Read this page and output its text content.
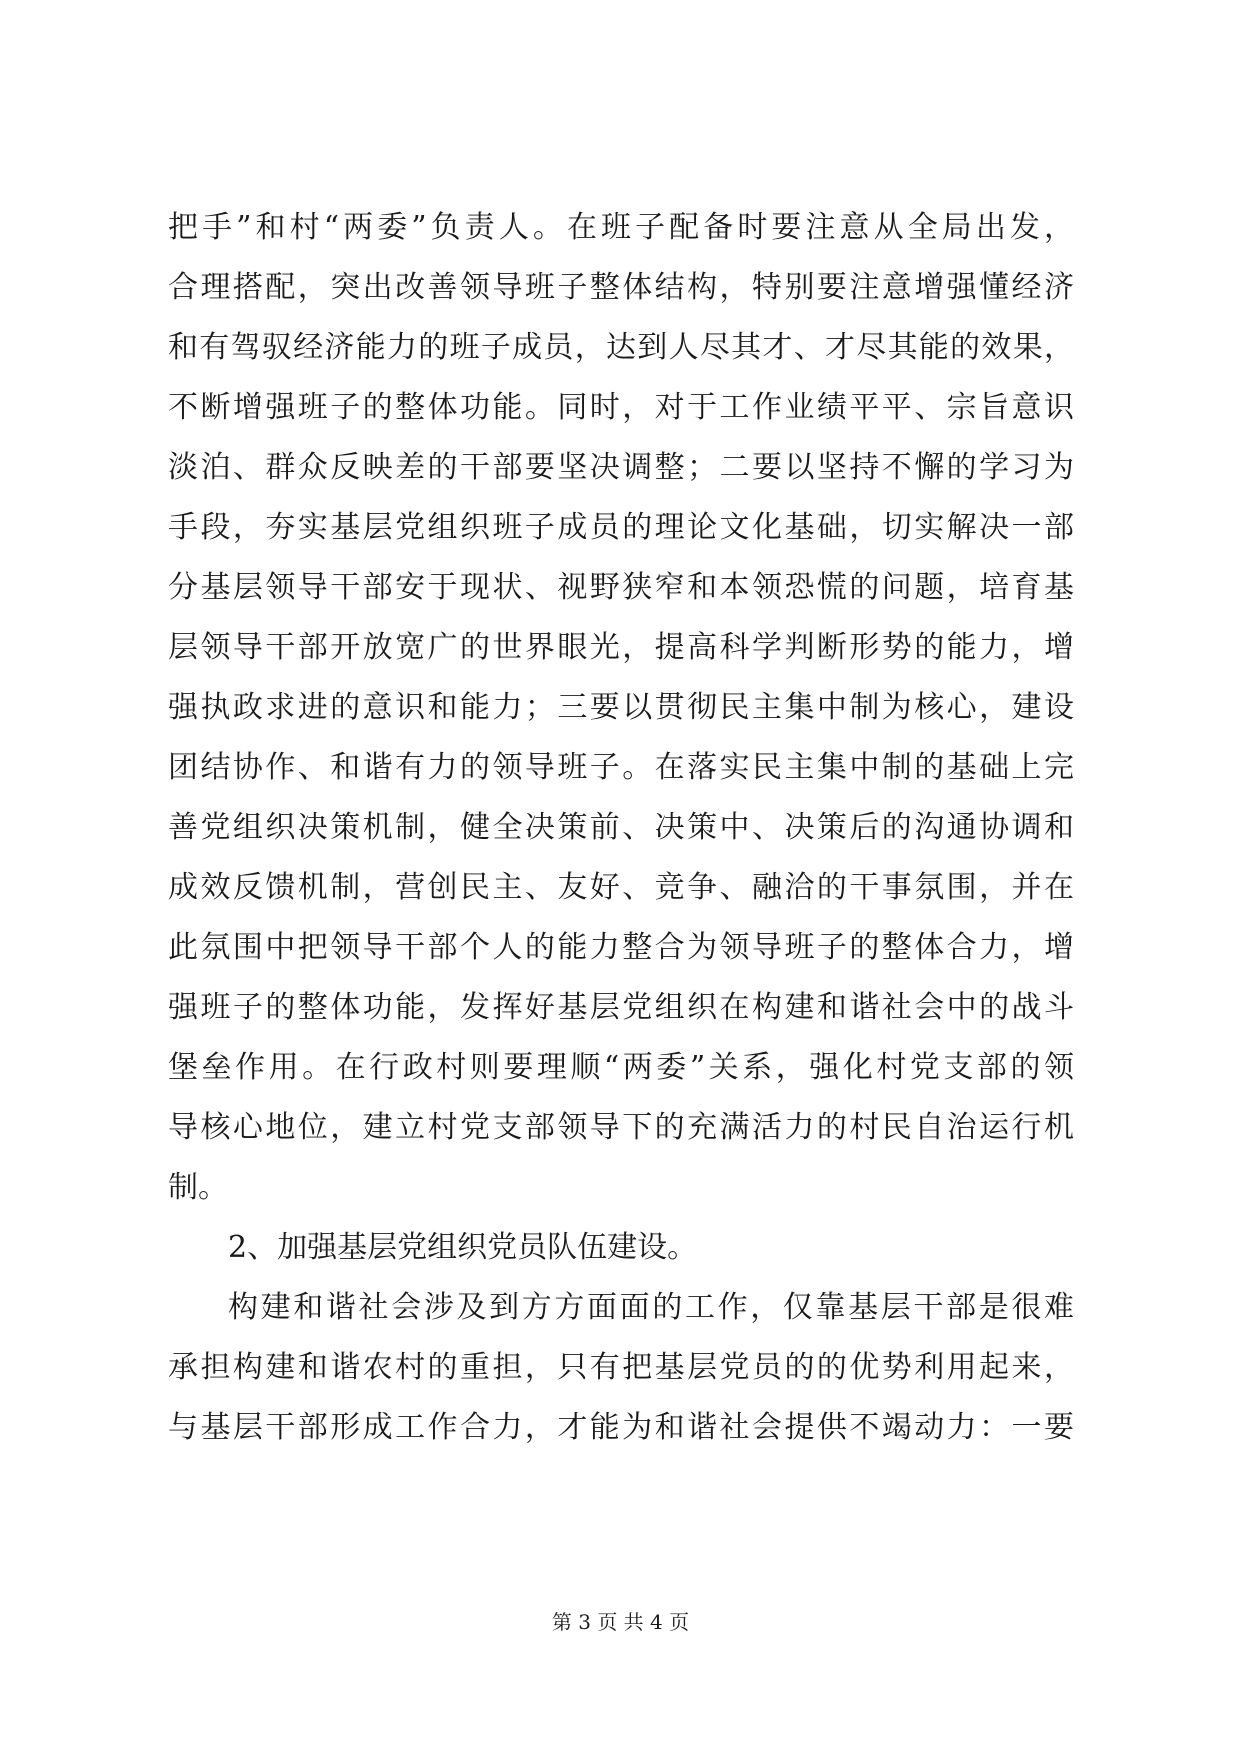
把手”和村“两委”负责人。在班子配备时要注意从全局出发，
合理搭配，突出改善领导班子整体结构，特别要注意增强懂经济
和有驾驭经济能力的班子成员，达到人尽其才、才尽其能的效果，
不断增强班子的整体功能。同时，对于工作业绩平平、宗旨意识
淡泊、群众反映差的干部要坚决调整；二要以坚持不懈的学习为
手段，夯实基层党组织班子成员的理论文化基础，切实解决一部
分基层领导干部安于现状、视野狭窄和本领恐慌的问题，培育基
层领导干部开放宽广的世界眼光，提高科学判断形势的能力，增
强执政求进的意识和能力；三要以贯彻民主集中制为核心，建设
团结协作、和谐有力的领导班子。在落实民主集中制的基础上完
善党组织决策机制，健全决策前、决策中、决策后的沟通协调和
成效反馈机制，营创民主、友好、竞争、融洽的干事氛围，并在
此氛围中把领导干部个人的能力整合为领导班子的整体合力，增
强班子的整体功能，发挥好基层党组织在构建和谐社会中的战斗
堡垒作用。在行政村则要理顺“两委”关系，强化村党支部的领
导核心地位，建立村党支部领导下的充满活力的村民自治运行机
制。
2、加强基层党组织党员队伍建设。
构建和谐社会涉及到方方面面的工作，仅靠基层干部是很难
承担构建和谐农村的重担，只有把基层党员的的优势利用起来，
与基层干部形成工作合力，才能为和谐社会提供不竭动力：一要
第 3 页 共 4 页
